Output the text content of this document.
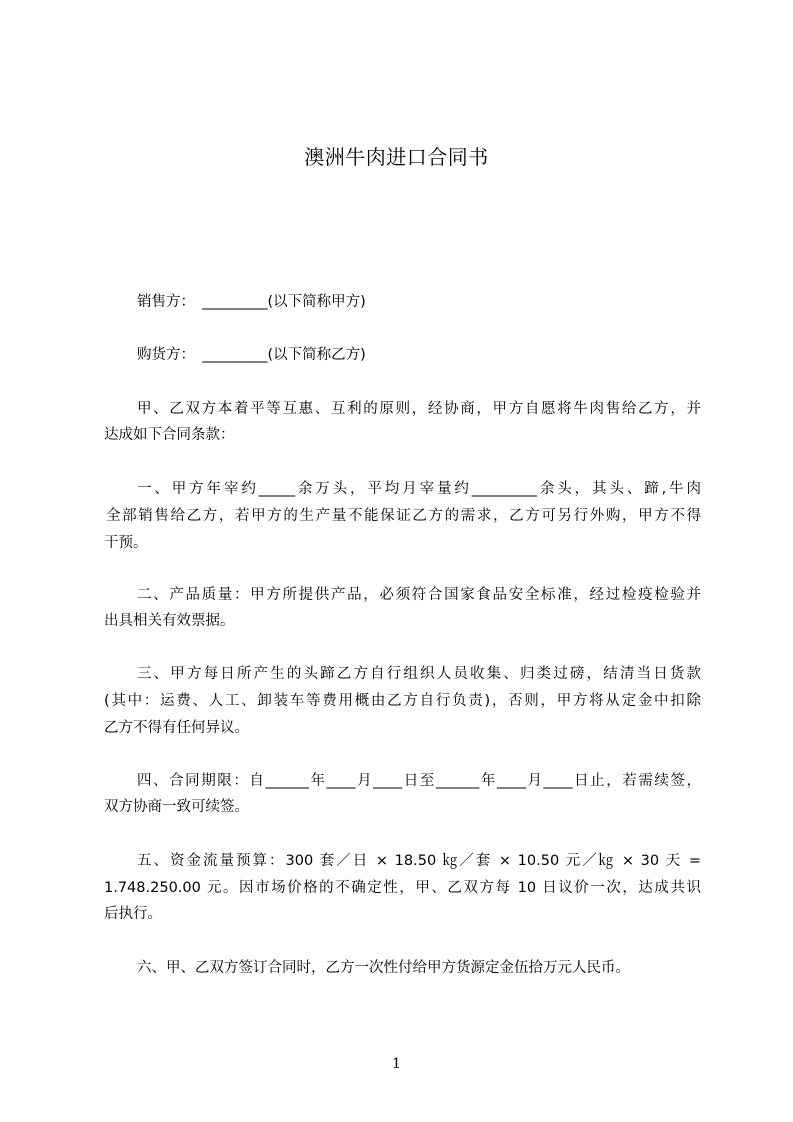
澳洲牛肉进口合同书
销售方：　_________(以下简称甲方)
购货方：　_________(以下简称乙方)
甲、乙双方本着平等互惠、互利的原则，经协商，甲方自愿将牛肉售给乙方，并
达成如下合同条款：
一、甲方年宰约_____余万头，平均月宰量约_________余头，其头、蹄,牛肉
全部销售给乙方，若甲方的生产量不能保证乙方的需求，乙方可另行外购，甲方不得
干预。
二、产品质量：甲方所提供产品，必须符合国家食品安全标准，经过检疫检验并
出具相关有效票据。
三、甲方每日所产生的头蹄乙方自行组织人员收集、归类过磅，结清当日货款
(其中：运费、人工、卸装车等费用概由乙方自行负责)，否则，甲方将从定金中扣除
乙方不得有任何异议。
四、合同期限：自______年____月____日至______年____月____日止，若需续签，
双方协商一致可续签。
五、资金流量预算：300 套／日 × 18.50 ㎏／套 × 10.50 元／㎏ × 30 天 =
1.748.250.00 元。因市场价格的不确定性，甲、乙双方每 10 日议价一次，达成共识
后执行。
六、甲、乙双方签订合同时，乙方一次性付给甲方货源定金伍拾万元人民币。
1
